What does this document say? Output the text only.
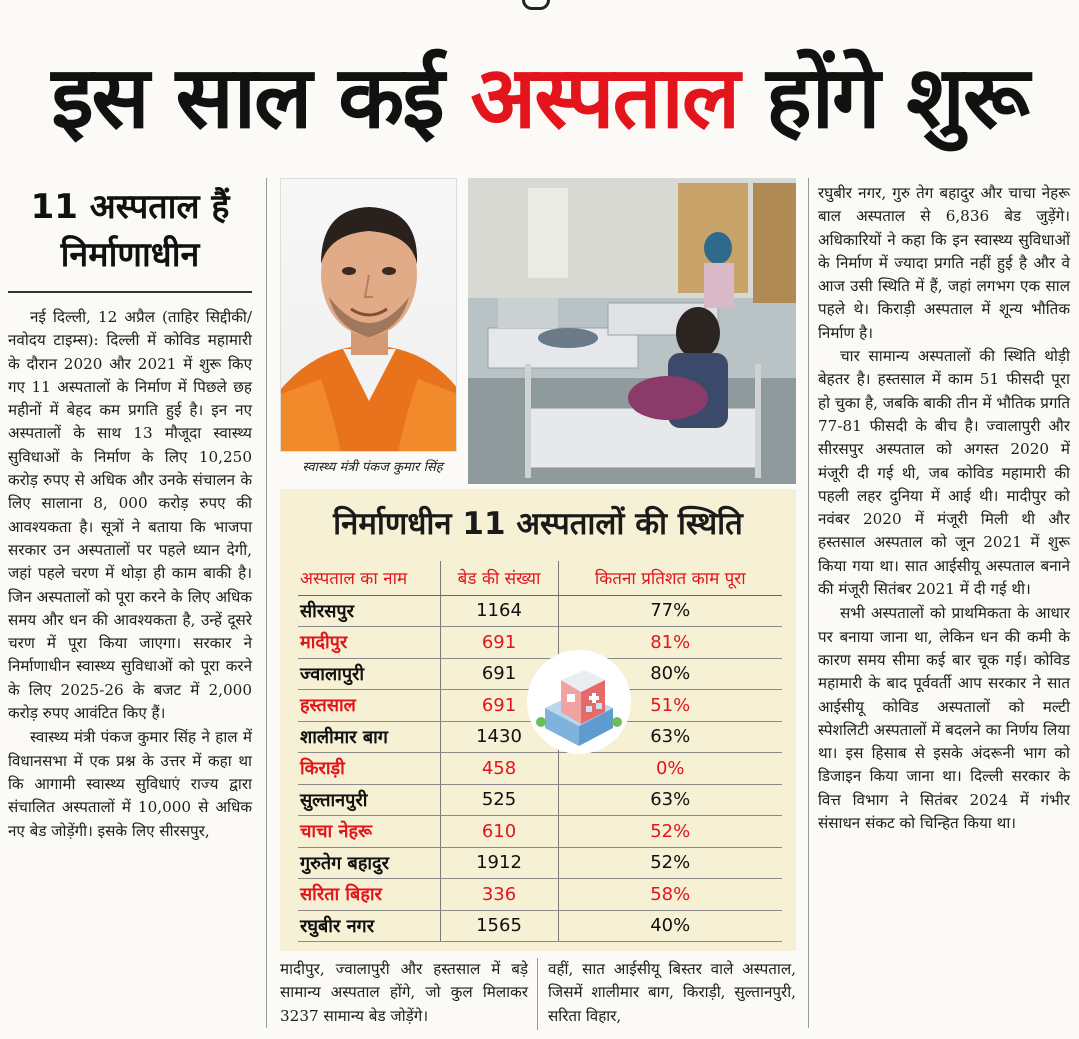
इस साल कई अस्पताल होंगे शुरू
11 अस्पताल हैं
निर्माणाधीन

नई दिल्ली, 12 अप्रैल (ताहिर सिद्दीकी/ नवोदय टाइम्स): दिल्ली में कोविड महामारी के दौरान 2020 और 2021 में शुरू किए गए 11 अस्पतालों के निर्माण में पिछले छह महीनों में बेहद कम प्रगति हुई है। इन नए अस्पतालों के साथ 13 मौजूदा स्वास्थ्य सुविधाओं के निर्माण के लिए 10,250 करोड़ रुपए से अधिक और उनके संचालन के लिए सालाना 8, 000 करोड़ रुपए की आवश्यकता है। सूत्रों ने बताया कि भाजपा सरकार उन अस्पतालों पर पहले ध्यान देगी, जहां पहले चरण में थोड़ा ही काम बाकी है। जिन अस्पतालों को पूरा करने के लिए अधिक समय और धन की आवश्यकता है, उन्हें दूसरे चरण में पूरा किया जाएगा। सरकार ने निर्माणाधीन स्वास्थ्य सुविधाओं को पूरा करने के लिए 2025-26 के बजट में 2,000 करोड़ रुपए आवंटित किए हैं।

स्वास्थ्य मंत्री पंकज कुमार सिंह ने हाल में विधानसभा में एक प्रश्न के उत्तर में कहा था कि आगामी स्वास्थ्य सुविधाएं राज्य द्वारा संचालित अस्पतालों में 10,000 से अधिक नए बेड जोड़ेंगी। इसके लिए सीरसपुर,

स्वास्थ्य मंत्री पंकज कुमार सिंह
निर्माणधीन 11 अस्पतालों की स्थिति
अस्पताल का नाम	बेड की संख्या	कितना प्रतिशत काम पूरा
सीरसपुर	1164	77%
मादीपुर	691	81%
ज्वालापुरी	691	80%
हस्तसाल	691	51%
शालीमार बाग	1430	63%
किराड़ी	458	0%
सुल्तानपुरी	525	63%
चाचा नेहरू	610	52%
गुरुतेग बहादुर	1912	52%
सरिता बिहार	336	58%
रघुबीर नगर	1565	40%
मादीपुर, ज्वालापुरी और हस्तसाल में बड़े सामान्य अस्पताल होंगे, जो कुल मिलाकर 3237 सामान्य बेड जोड़ेंगे।
वहीं, सात आईसीयू बिस्तर वाले अस्पताल, जिसमें शालीमार बाग, किराड़ी, सुल्तानपुरी, सरिता विहार,
रघुबीर नगर, गुरु तेग बहादुर और चाचा नेहरू बाल अस्पताल से 6,836 बेड जुड़ेंगे। अधिकारियों ने कहा कि इन स्वास्थ्य सुविधाओं के निर्माण में ज्यादा प्रगति नहीं हुई है और वे आज उसी स्थिति में हैं, जहां लगभग एक साल पहले थे। किराड़ी अस्पताल में शून्य भौतिक निर्माण है।

चार सामान्य अस्पतालों की स्थिति थोड़ी बेहतर है। हस्तसाल में काम 51 फीसदी पूरा हो चुका है, जबकि बाकी तीन में भौतिक प्रगति 77-81 फीसदी के बीच है। ज्वालापुरी और सीरसपुर अस्पताल को अगस्त 2020 में मंजूरी दी गई थी, जब कोविड महामारी की पहली लहर दुनिया में आई थी। मादीपुर को नवंबर 2020 में मंजूरी मिली थी और हस्तसाल अस्पताल को जून 2021 में शुरू किया गया था। सात आईसीयू अस्पताल बनाने की मंजूरी सितंबर 2021 में दी गई थी।

सभी अस्पतालों को प्राथमिकता के आधार पर बनाया जाना था, लेकिन धन की कमी के कारण समय सीमा कई बार चूक गई। कोविड महामारी के बाद पूर्ववर्ती आप सरकार ने सात आईसीयू कोविड अस्पतालों को मल्टी स्पेशलिटी अस्पतालों में बदलने का निर्णय लिया था। इस हिसाब से इसके अंदरूनी भाग को डिजाइन किया जाना था। दिल्ली सरकार के वित्त विभाग ने सितंबर 2024 में गंभीर संसाधन संकट को चिन्हित किया था।
